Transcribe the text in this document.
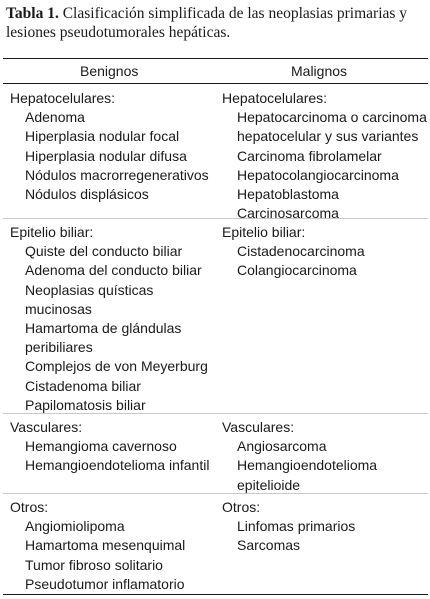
Tabla 1. Clasificación simplificada de las neoplasias primarias y lesiones pseudotumorales hepáticas.
Benignos	Malignos
Hepatocelulares:
Adenoma
Hiperplasia nodular focal
Hiperplasia nodular difusa
Nódulos macrorregenerativos
Nódulos displásicos
Hepatocelulares:
Hepatocarcinoma o carcinoma
hepatocelular y sus variantes
Carcinoma fibrolamelar
Hepatocolangiocarcinoma
Hepatoblastoma
Carcinosarcoma
Epitelio biliar:
Quiste del conducto biliar
Adenoma del conducto biliar
Neoplasias quísticas
mucinosas
Hamartoma de glándulas
peribiliares
Complejos de von Meyerburg
Cistadenoma biliar
Papilomatosis biliar
Epitelio biliar:
Cistadenocarcinoma
Colangiocarcinoma
Vasculares:
Hemangioma cavernoso
Hemangioendotelioma infantil
Vasculares:
Angiosarcoma
Hemangioendotelioma
epitelioide
Otros:
Angiomiolipoma
Hamartoma mesenquimal
Tumor fibroso solitario
Pseudotumor inflamatorio
Otros:
Linfomas primarios
Sarcomas
